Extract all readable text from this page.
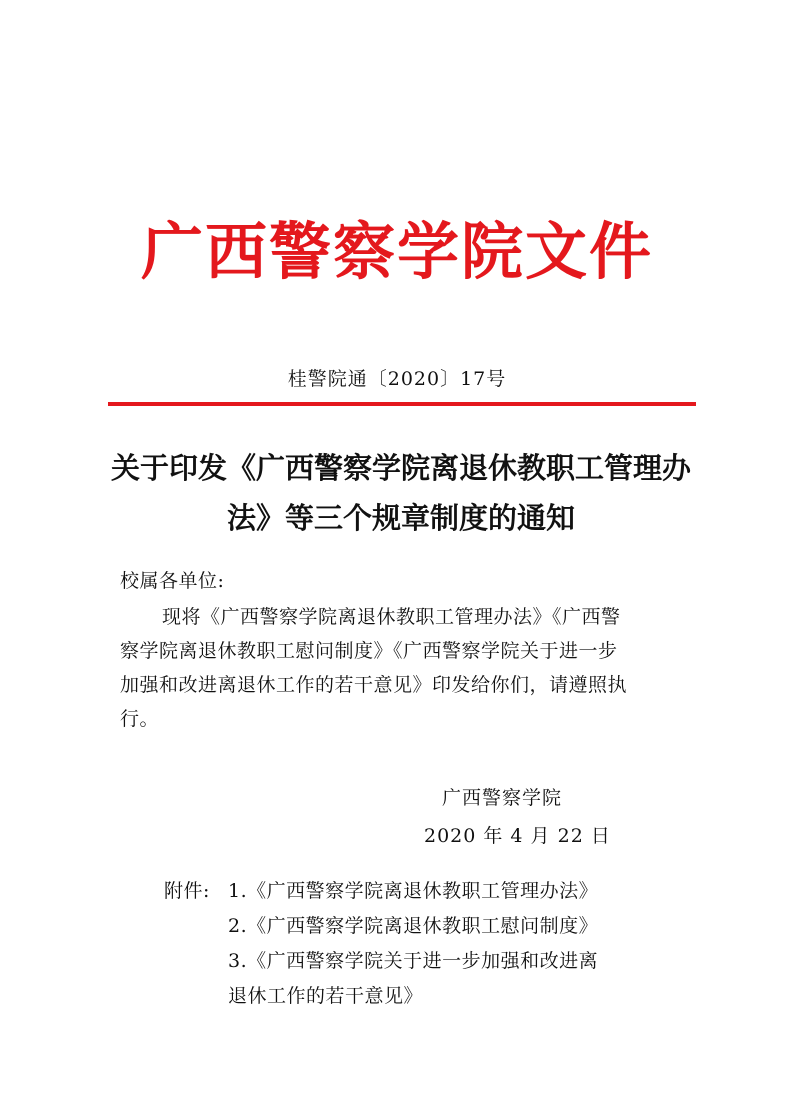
广西警察学院文件
桂警院通〔2020〕17号
关于印发《广西警察学院离退休教职工管理办
法》等三个规章制度的通知
校属各单位:
现将《广西警察学院离退休教职工管理办法》《广西警
察学院离退休教职工慰问制度》《广西警察学院关于进一步
加强和改进离退休工作的若干意见》印发给你们，请遵照执
行。
广西警察学院
2020 年 4 月 22 日
附件: 1.《广西警察学院离退休教职工管理办法》
2.《广西警察学院离退休教职工慰问制度》
3.《广西警察学院关于进一步加强和改进离
退休工作的若干意见》
